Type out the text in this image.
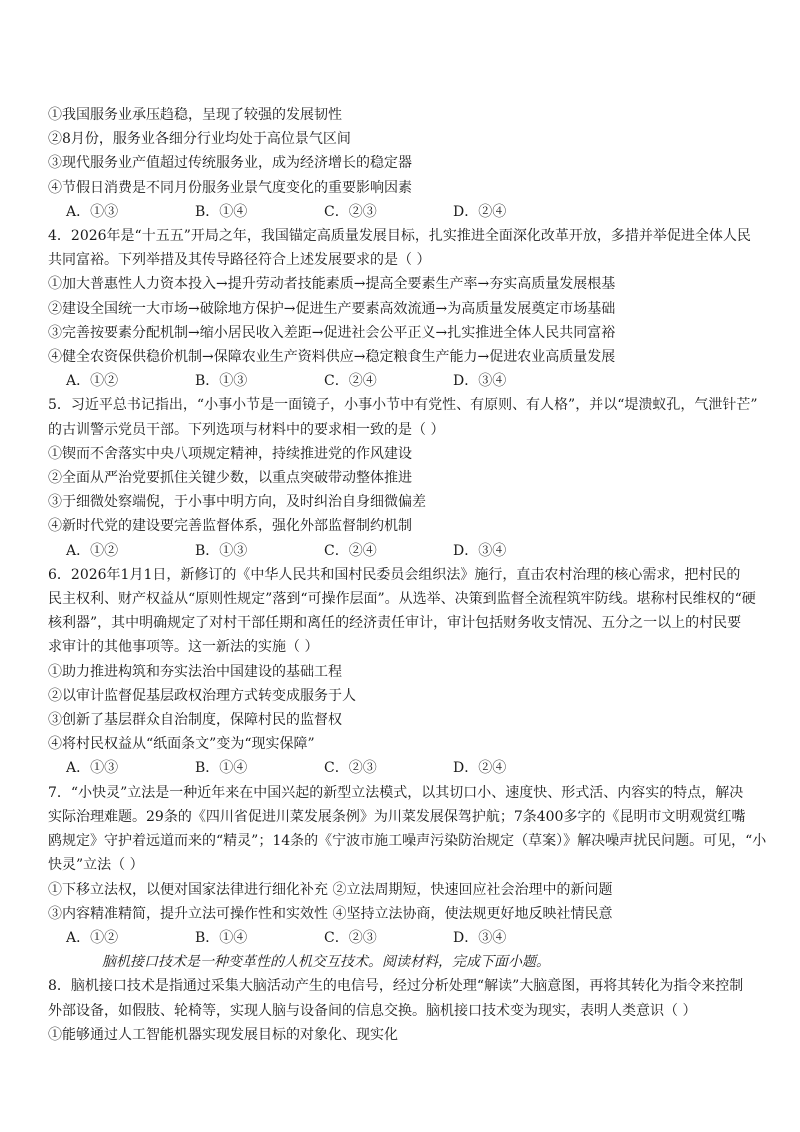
①我国服务业承压趋稳，呈现了较强的发展韧性
②8月份，服务业各细分行业均处于高位景气区间
③现代服务业产值超过传统服务业，成为经济增长的稳定器
④节假日消费是不同月份服务业景气度变化的重要影响因素
A．①③	B．①④	C．②③	D．②④
4．2026年是“十五五”开局之年，我国锚定高质量发展目标，扎实推进全面深化改革开放，多措并举促进全体人民
共同富裕。下列举措及其传导路径符合上述发展要求的是（ ）
①加大普惠性人力资本投入→提升劳动者技能素质→提高全要素生产率→夯实高质量发展根基
②建设全国统一大市场→破除地方保护→促进生产要素高效流通→为高质量发展奠定市场基础
③完善按要素分配机制→缩小居民收入差距→促进社会公平正义→扎实推进全体人民共同富裕
④健全农资保供稳价机制→保障农业生产资料供应→稳定粮食生产能力→促进农业高质量发展
A．①②	B．①③	C．②④	D．③④
5．习近平总书记指出，“小事小节是一面镜子，小事小节中有党性、有原则、有人格”，并以“堤溃蚁孔，气泄针芒”
的古训警示党员干部。下列选项与材料中的要求相一致的是（ ）
①锲而不舍落实中央八项规定精神，持续推进党的作风建设
②全面从严治党要抓住关键少数，以重点突破带动整体推进
③于细微处察端倪，于小事中明方向，及时纠治自身细微偏差
④新时代党的建设要完善监督体系，强化外部监督制约机制
A．①②	B．①③	C．②④	D．③④
6．2026年1月1日，新修订的《中华人民共和国村民委员会组织法》施行，直击农村治理的核心需求，把村民的
民主权利、财产权益从“原则性规定”落到“可操作层面”。从选举、决策到监督全流程筑牢防线。堪称村民维权的“硬
核利器”，其中明确规定了对村干部任期和离任的经济责任审计，审计包括财务收支情况、五分之一以上的村民要
求审计的其他事项等。这一新法的实施（ ）
①助力推进构筑和夯实法治中国建设的基础工程
②以审计监督促基层政权治理方式转变成服务于人
③创新了基层群众自治制度，保障村民的监督权
④将村民权益从“纸面条文”变为“现实保障”
A．①③	B．①④	C．②③	D．②④
7．“小快灵”立法是一种近年来在中国兴起的新型立法模式，以其切口小、速度快、形式活、内容实的特点，解决
实际治理难题。29条的《四川省促进川菜发展条例》为川菜发展保驾护航；7条400多字的《昆明市文明观赏红嘴
鸥规定》守护着远道而来的“精灵”；14条的《宁波市施工噪声污染防治规定（草案）》解决噪声扰民问题。可见，“小
快灵”立法（ ）
①下移立法权，以便对国家法律进行细化补充 ②立法周期短，快速回应社会治理中的新问题
③内容精准精简，提升立法可操作性和实效性 ④坚持立法协商，使法规更好地反映社情民意
A．①②	B．①④	C．②③	D．③④
脑机接口技术是一种变革性的人机交互技术。阅读材料，完成下面小题。
8．脑机接口技术是指通过采集大脑活动产生的电信号，经过分析处理“解读”大脑意图，再将其转化为指令来控制
外部设备，如假肢、轮椅等，实现人脑与设备间的信息交换。脑机接口技术变为现实，表明人类意识（ ）
①能够通过人工智能机器实现发展目标的对象化、现实化
